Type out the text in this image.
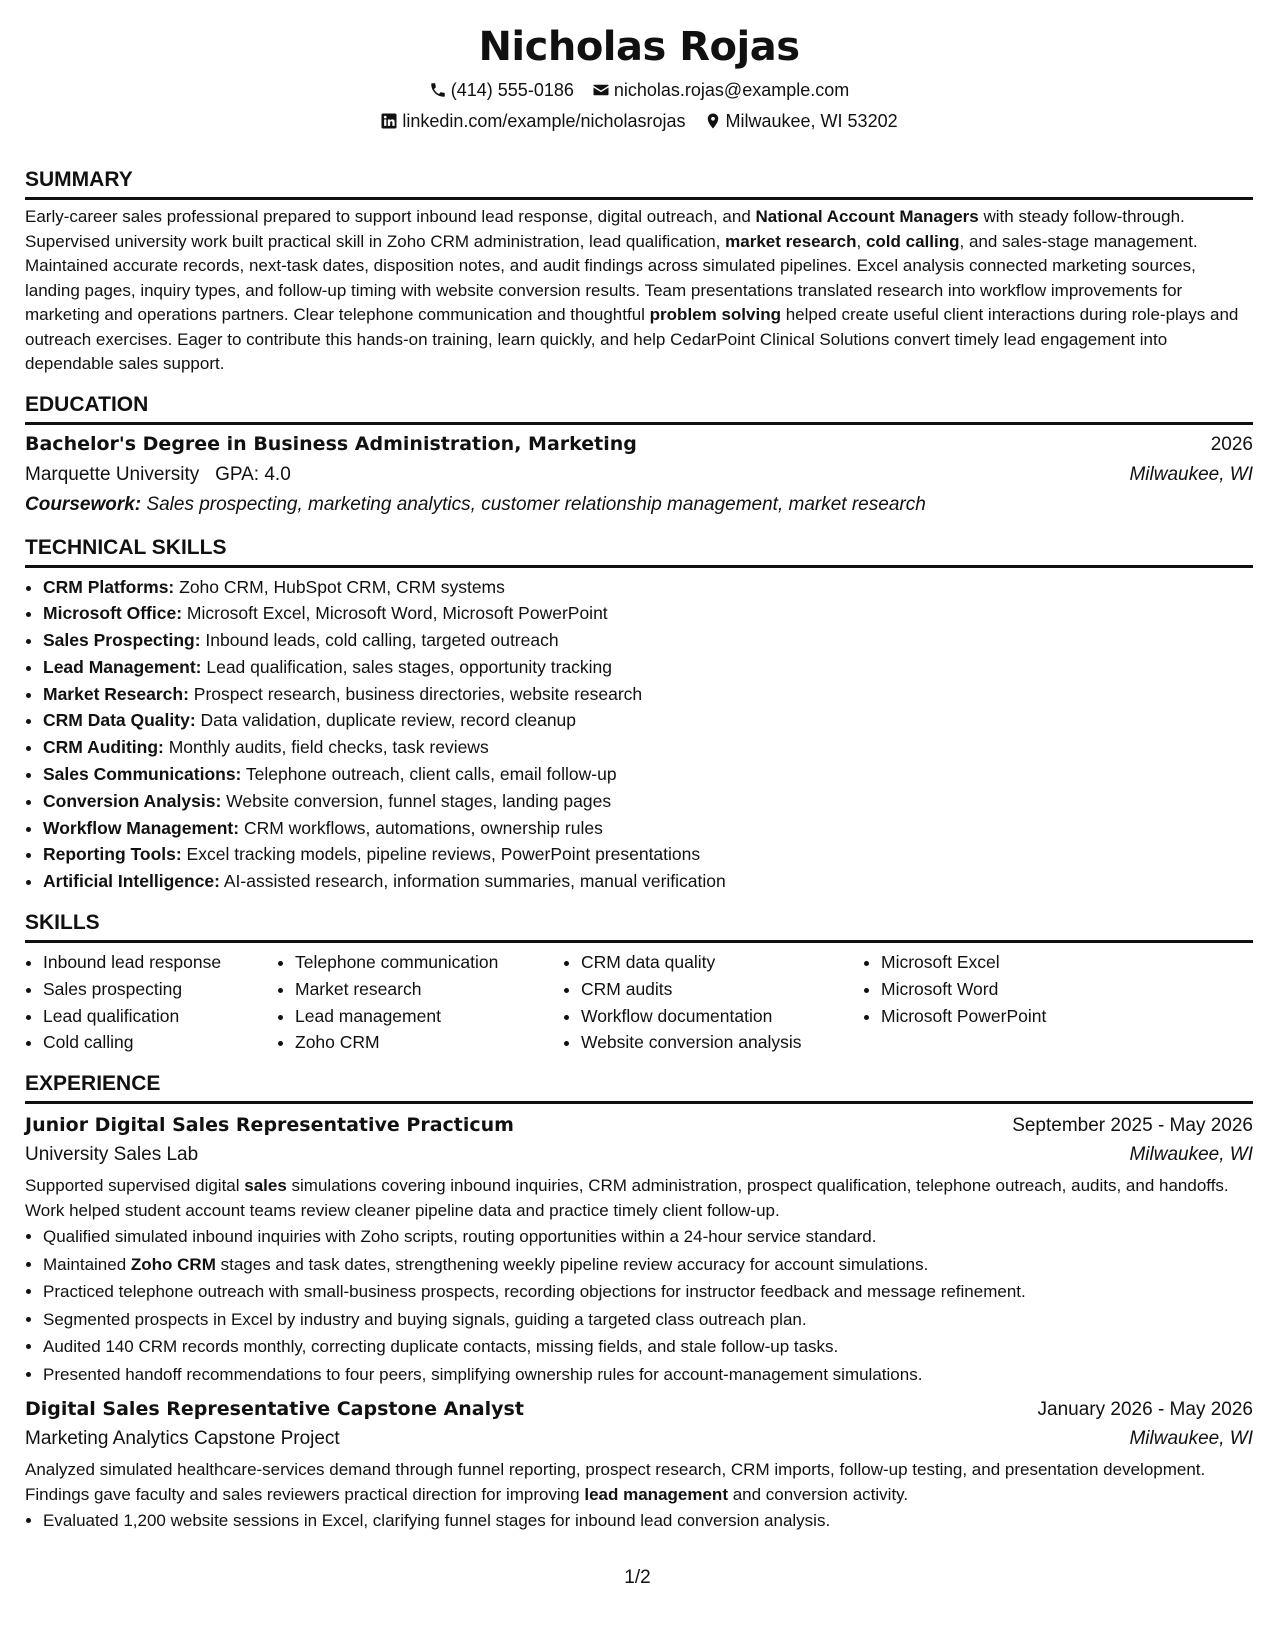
Nicholas Rojas
(414) 555-0186 nicholas.rojas@example.com
linkedin.com/example/nicholasrojas Milwaukee, WI 53202
SUMMARY

Early-career sales professional prepared to support inbound lead response, digital outreach, and National Account Managers with steady follow-through. Supervised university work built practical skill in Zoho CRM administration, lead qualification, market research, cold calling, and sales-stage management. Maintained accurate records, next-task dates, disposition notes, and audit findings across simulated pipelines. Excel analysis connected marketing sources, landing pages, inquiry types, and follow-up timing with website conversion results. Team presentations translated research into workflow improvements for marketing and operations partners. Clear telephone communication and thoughtful problem solving helped create useful client interactions during role-plays and outreach exercises. Eager to contribute this hands-on training, learn quickly, and help CedarPoint Clinical Solutions convert timely lead engagement into dependable sales support.

EDUCATION
Bachelor's Degree in Business Administration, Marketing	2026
Marquette University GPA: 4.0	Milwaukee, WI
Coursework: Sales prospecting, marketing analytics, customer relationship management, market research
TECHNICAL SKILLS
• CRM Platforms: Zoho CRM, HubSpot CRM, CRM systems
• Microsoft Office: Microsoft Excel, Microsoft Word, Microsoft PowerPoint
• Sales Prospecting: Inbound leads, cold calling, targeted outreach
• Lead Management: Lead qualification, sales stages, opportunity tracking
• Market Research: Prospect research, business directories, website research
• CRM Data Quality: Data validation, duplicate review, record cleanup
• CRM Auditing: Monthly audits, field checks, task reviews
• Sales Communications: Telephone outreach, client calls, email follow-up
• Conversion Analysis: Website conversion, funnel stages, landing pages
• Workflow Management: CRM workflows, automations, ownership rules
• Reporting Tools: Excel tracking models, pipeline reviews, PowerPoint presentations
• Artificial Intelligence: AI-assisted research, information summaries, manual verification
SKILLS
• Inbound lead response
• Sales prospecting
• Lead qualification
• Cold calling
• Telephone communication
• Market research
• Lead management
• Zoho CRM
• CRM data quality
• CRM audits
• Workflow documentation
• Website conversion analysis
• Microsoft Excel
• Microsoft Word
• Microsoft PowerPoint
EXPERIENCE
Junior Digital Sales Representative Practicum	September 2025 - May 2026
University Sales Lab	Milwaukee, WI

Supported supervised digital sales simulations covering inbound inquiries, CRM administration, prospect qualification, telephone outreach, audits, and handoffs. Work helped student account teams review cleaner pipeline data and practice timely client follow-up.

• Qualified simulated inbound inquiries with Zoho scripts, routing opportunities within a 24-hour service standard.
• Maintained Zoho CRM stages and task dates, strengthening weekly pipeline review accuracy for account simulations.
• Practiced telephone outreach with small-business prospects, recording objections for instructor feedback and message refinement.
• Segmented prospects in Excel by industry and buying signals, guiding a targeted class outreach plan.
• Audited 140 CRM records monthly, correcting duplicate contacts, missing fields, and stale follow-up tasks.
• Presented handoff recommendations to four peers, simplifying ownership rules for account-management simulations.
Digital Sales Representative Capstone Analyst	January 2026 - May 2026
Marketing Analytics Capstone Project	Milwaukee, WI

Analyzed simulated healthcare-services demand through funnel reporting, prospect research, CRM imports, follow-up testing, and presentation development. Findings gave faculty and sales reviewers practical direction for improving lead management and conversion activity.

• Evaluated 1,200 website sessions in Excel, clarifying funnel stages for inbound lead conversion analysis.
1/2
